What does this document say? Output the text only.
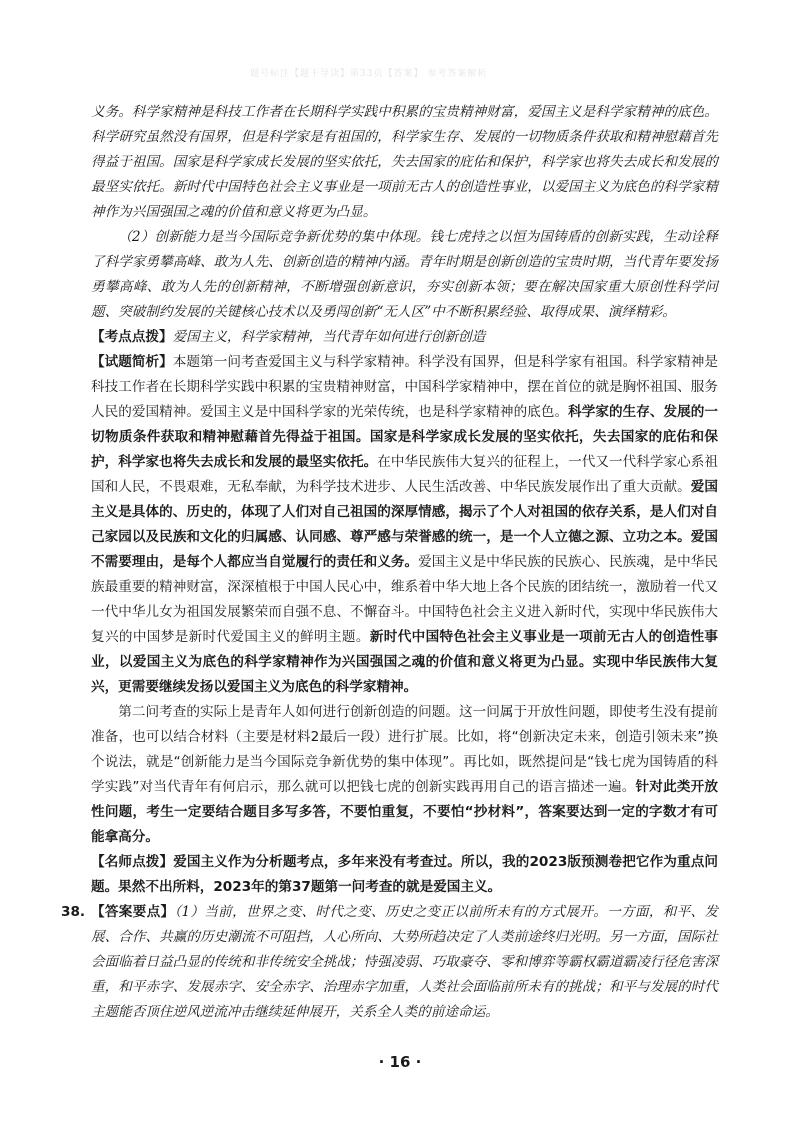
题号标注【题干导读】第33页【答案】 参考答案解析

义务。科学家精神是科技工作者在长期科学实践中积累的宝贵精神财富，爱国主义是科学家精神的底色。科学研究虽然没有国界，但是科学家是有祖国的，科学家生存、发展的一切物质条件获取和精神慰藉首先得益于祖国。国家是科学家成长发展的坚实依托，失去国家的庇佑和保护，科学家也将失去成长和发展的最坚实依托。新时代中国特色社会主义事业是一项前无古人的创造性事业，以爱国主义为底色的科学家精神作为兴国强国之魂的价值和意义将更为凸显。

（2）创新能力是当今国际竞争新优势的集中体现。钱七虎持之以恒为国铸盾的创新实践，生动诠释了科学家勇攀高峰、敢为人先、创新创造的精神内涵。青年时期是创新创造的宝贵时期，当代青年要发扬勇攀高峰、敢为人先的创新精神，不断增强创新意识，夯实创新本领；要在解决国家重大原创性科学问题、突破制约发展的关键核心技术以及勇闯创新“无人区”中不断积累经验、取得成果、演绎精彩。

【考点点拨】爱国主义，科学家精神，当代青年如何进行创新创造

【试题简析】本题第一问考查爱国主义与科学家精神。科学没有国界，但是科学家有祖国。科学家精神是科技工作者在长期科学实践中积累的宝贵精神财富，中国科学家精神中，摆在首位的就是胸怀祖国、服务人民的爱国精神。爱国主义是中国科学家的光荣传统，也是科学家精神的底色。科学家的生存、发展的一切物质条件获取和精神慰藉首先得益于祖国。国家是科学家成长发展的坚实依托，失去国家的庇佑和保护，科学家也将失去成长和发展的最坚实依托。在中华民族伟大复兴的征程上，一代又一代科学家心系祖国和人民，不畏艰难，无私奉献，为科学技术进步、人民生活改善、中华民族发展作出了重大贡献。爱国主义是具体的、历史的，体现了人们对自己祖国的深厚情感，揭示了个人对祖国的依存关系，是人们对自己家园以及民族和文化的归属感、认同感、尊严感与荣誉感的统一，是一个人立德之源、立功之本。爱国不需要理由，是每个人都应当自觉履行的责任和义务。爱国主义是中华民族的民族心、民族魂，是中华民族最重要的精神财富，深深植根于中国人民心中，维系着中华大地上各个民族的团结统一，激励着一代又一代中华儿女为祖国发展繁荣而自强不息、不懈奋斗。中国特色社会主义进入新时代，实现中华民族伟大复兴的中国梦是新时代爱国主义的鲜明主题。新时代中国特色社会主义事业是一项前无古人的创造性事业，以爱国主义为底色的科学家精神作为兴国强国之魂的价值和意义将更为凸显。实现中华民族伟大复兴，更需要继续发扬以爱国主义为底色的科学家精神。

第二问考查的实际上是青年人如何进行创新创造的问题。这一问属于开放性问题，即使考生没有提前准备，也可以结合材料（主要是材料2最后一段）进行扩展。比如，将“创新决定未来，创造引领未来”换个说法，就是“创新能力是当今国际竞争新优势的集中体现”。再比如，既然提问是“钱七虎为国铸盾的科学实践”对当代青年有何启示，那么就可以把钱七虎的创新实践再用自己的语言描述一遍。针对此类开放性问题，考生一定要结合题目多写多答，不要怕重复，不要怕“抄材料”，答案要达到一定的字数才有可能拿高分。

【名师点拨】爱国主义作为分析题考点，多年来没有考查过。所以，我的2023版预测卷把它作为重点问题。果然不出所料，2023年的第37题第一问考查的就是爱国主义。

38. 【答案要点】（1）当前，世界之变、时代之变、历史之变正以前所未有的方式展开。一方面，和平、发展、合作、共赢的历史潮流不可阻挡，人心所向、大势所趋决定了人类前途终归光明。另一方面，国际社会面临着日益凸显的传统和非传统安全挑战；恃强凌弱、巧取豪夺、零和博弈等霸权霸道霸凌行径危害深重，和平赤字、发展赤字、安全赤字、治理赤字加重，人类社会面临前所未有的挑战；和平与发展的时代主题能否顶住逆风逆流冲击继续延伸展开，关系全人类的前途命运。

· 16 ·
